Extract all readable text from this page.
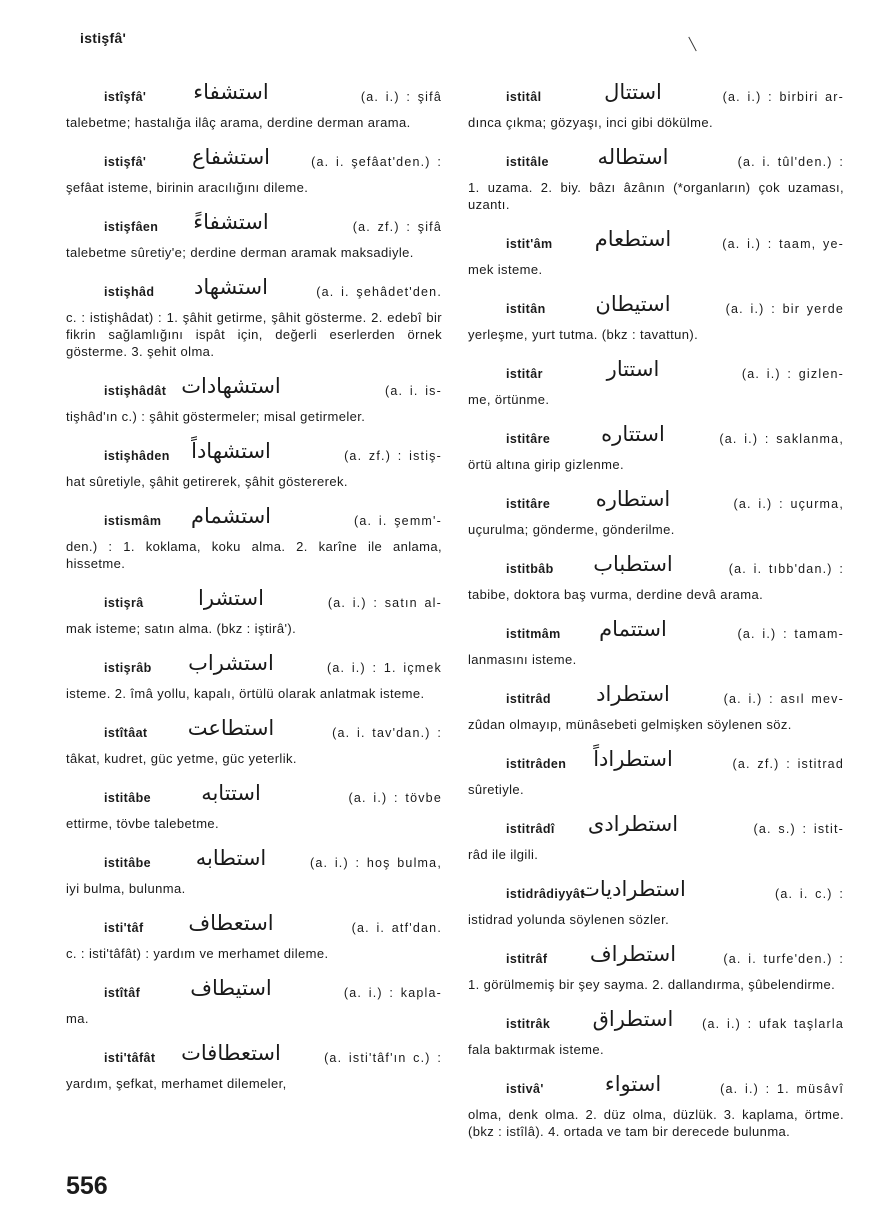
istişfâ'
istîşfâ'	استشفاء	(a. i.) : şifâ

talebetme; hastalığa ilâç arama, derdine derman arama.

istişfâ'	استشفاع	(a. i. şefâat'den.) :

şefâat isteme, birinin aracılığını dileme.

istişfâen	استشفاءً	(a. zf.) : şifâ

talebetme sûretiy'e; derdine derman aramak maksadiyle.

istişhâd	استشهاد	(a. i. şehâdet'den.

c. : istişhâdat) : 1. şâhit getirme, şâhit gösterme. 2. edebî bir fikrin sağlamlığını ispât için, değerli eserlerden örnek gösterme. 3. şehit olma.

istişhâdât استشهادات	(a. i. is-

tişhâd'ın c.) : şâhit göstermeler; misal getirmeler.

istişhâden	استشهاداً	(a. zf.) : istiş-

hat sûretiyle, şâhit getirerek, şâhit göstererek.

istismâm	استشمام	(a. i. şemm'-

den.) : 1. koklama, koku alma. 2. karîne ile anlama, hissetme.

istişrâ	استشرا	(a. i.) : satın al-

mak isteme; satın alma. (bkz : iştirâ').

istişrâb	استشراب	(a. i.) : 1. içmek

isteme. 2. îmâ yollu, kapalı, örtülü olarak anlatmak isteme.

istîtâat	استطاعت	(a. i. tav'dan.) :

tâkat, kudret, güc yetme, güc yeterlik.

istitâbe	استتابه	(a. i.) : tövbe

ettirme, tövbe talebetme.

istitâbe	استطابه	(a. i.) : hoş bulma,

iyi bulma, bulunma.

isti'tâf	استعطاف	(a. i. atf'dan.

c. : isti'tâfât) : yardım ve merhamet dileme.

istîtâf	استيطاف	(a. i.) : kapla-

ma.

isti'tâfât استعطافات	(a. isti'tâf'ın c.) :

yardım, şefkat, merhamet dilemeler,

istitâl	استتال	(a. i.) : birbiri ar-

dınca çıkma; gözyaşı, inci gibi dökülme.

istitâle	استطاله	(a. i. tûl'den.) :

1. uzama. 2. biy. bâzı âzânın (*organların) çok uzaması, uzantı.

istit'âm	استطعام	(a. i.) : taam, ye-

mek isteme.

istitân	استيطان	(a. i.) : bir yerde

yerleşme, yurt tutma. (bkz : tavattun).

istitâr	استتار	(a. i.) : gizlen-

me, örtünme.

istitâre	استتاره	(a. i.) : saklanma,

örtü altına girip gizlenme.

istitâre	استطاره	(a. i.) : uçurma,

uçurulma; gönderme, gönderilme.

istitbâb	استطباب	(a. i. tıbb'dan.) :

tabibe, doktora baş vurma, derdine devâ arama.

istitmâm	استتمام	(a. i.) : tamam-

lanmasını isteme.

istitrâd	استطراد	(a. i.) : asıl mev-

zûdan olmayıp, münâsebeti gelmişken söylenen söz.

istitrâden	استطراداً	(a. zf.) : istitrad

sûretiyle.

istitrâdî	استطرادى	(a. s.) : istit-

râd ile ilgili.

istidrâdiyyât
استطراديات	(a. i. c.) :

istidrad yolunda söylenen sözler.

istitrâf	استطراف	(a. i. turfe'den.) :

1. görülmemiş bir şey sayma. 2. dallandırma, şûbelendirme.

istitrâk	استطراق	(a. i.) : ufak taşlarla

fala baktırmak isteme.

istivâ'	استواء	(a. i.) : 1. müsâvî

olma, denk olma. 2. düz olma, düzlük. 3. kaplama, örtme. (bkz : istîlâ). 4. ortada ve tam bir derecede bulunma.

556
